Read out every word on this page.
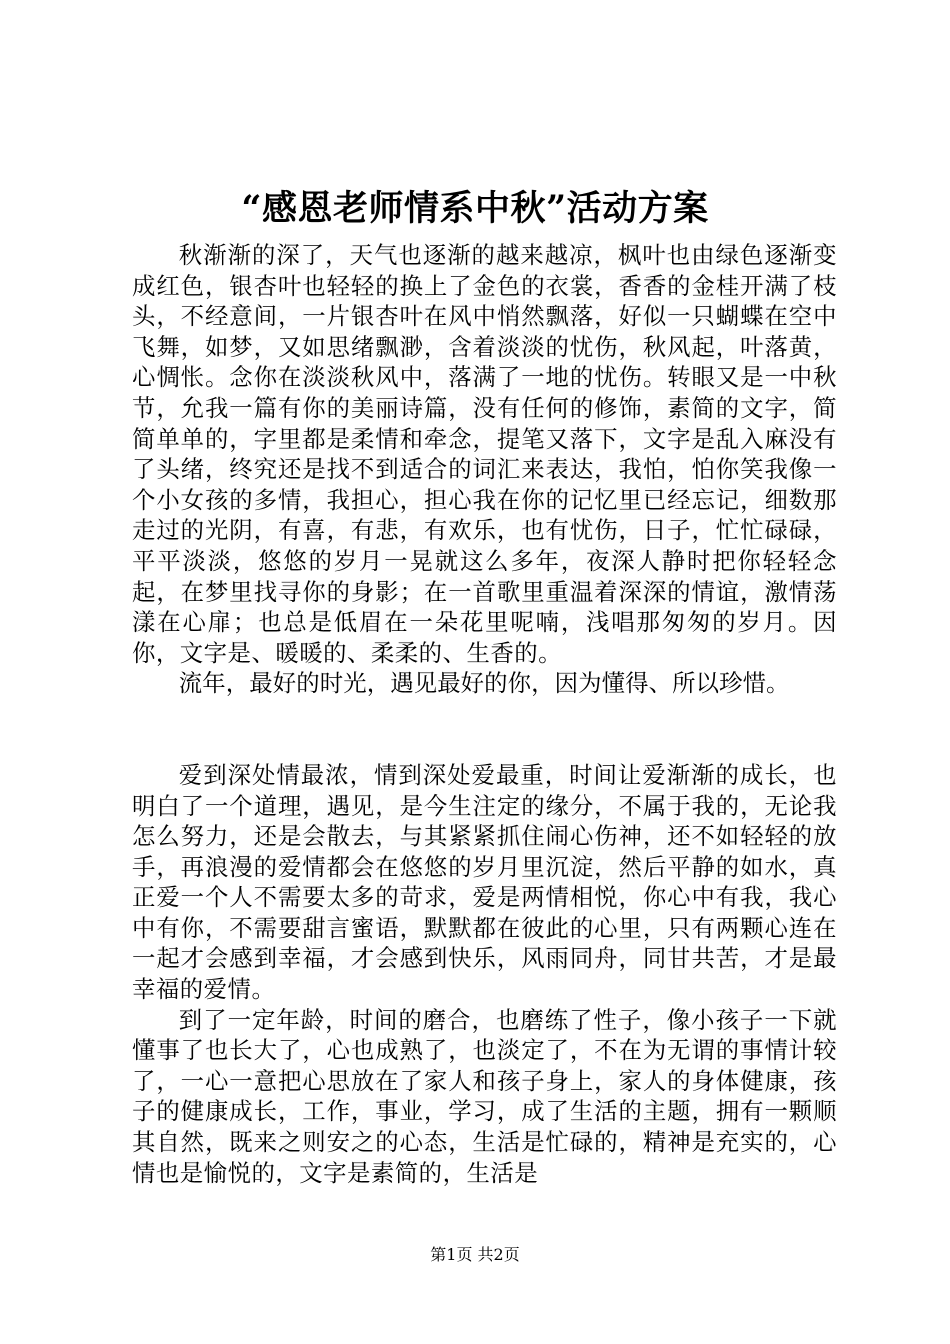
“感恩老师情系中秋”活动方案

秋渐渐的深了，天气也逐渐的越来越凉，枫叶也由绿色逐渐变成红色，银杏叶也轻轻的换上了金色的衣裳，香香的金桂开满了枝头，不经意间，一片银杏叶在风中悄然飘落，好似一只蝴蝶在空中飞舞，如梦，又如思绪飘渺，含着淡淡的忧伤，秋风起，叶落黄，心惆怅。念你在淡淡秋风中，落满了一地的忧伤。转眼又是一中秋节，允我一篇有你的美丽诗篇，没有任何的修饰，素简的文字，简简单单的，字里都是柔情和牵念，提笔又落下，文字是乱入麻没有了头绪，终究还是找不到适合的词汇来表达，我怕，怕你笑我像一个小女孩的多情，我担心，担心我在你的记忆里已经忘记，细数那走过的光阴，有喜，有悲，有欢乐，也有忧伤，日子，忙忙碌碌，平平淡淡，悠悠的岁月一晃就这么多年，夜深人静时把你轻轻念起，在梦里找寻你的身影；在一首歌里重温着深深的情谊，激情荡漾在心扉；也总是低眉在一朵花里呢喃，浅唱那匆匆的岁月。因你，文字是、暖暖的、柔柔的、生香的。

流年，最好的时光，遇见最好的你，因为懂得、所以珍惜。

爱到深处情最浓，情到深处爱最重，时间让爱渐渐的成长，也明白了一个道理，遇见，是今生注定的缘分，不属于我的，无论我怎么努力，还是会散去，与其紧紧抓住闹心伤神，还不如轻轻的放手，再浪漫的爱情都会在悠悠的岁月里沉淀，然后平静的如水，真正爱一个人不需要太多的苛求，爱是两情相悦，你心中有我，我心中有你，不需要甜言蜜语，默默都在彼此的心里，只有两颗心连在一起才会感到幸福，才会感到快乐，风雨同舟，同甘共苦，才是最幸福的爱情。

到了一定年龄，时间的磨合，也磨练了性子，像小孩子一下就懂事了也长大了，心也成熟了，也淡定了，不在为无谓的事情计较了，一心一意把心思放在了家人和孩子身上，家人的身体健康，孩子的健康成长，工作，事业，学习，成了生活的主题，拥有一颗顺其自然，既来之则安之的心态，生活是忙碌的，精神是充实的，心情也是愉悦的，文字是素简的，生活是

第1页 共2页
